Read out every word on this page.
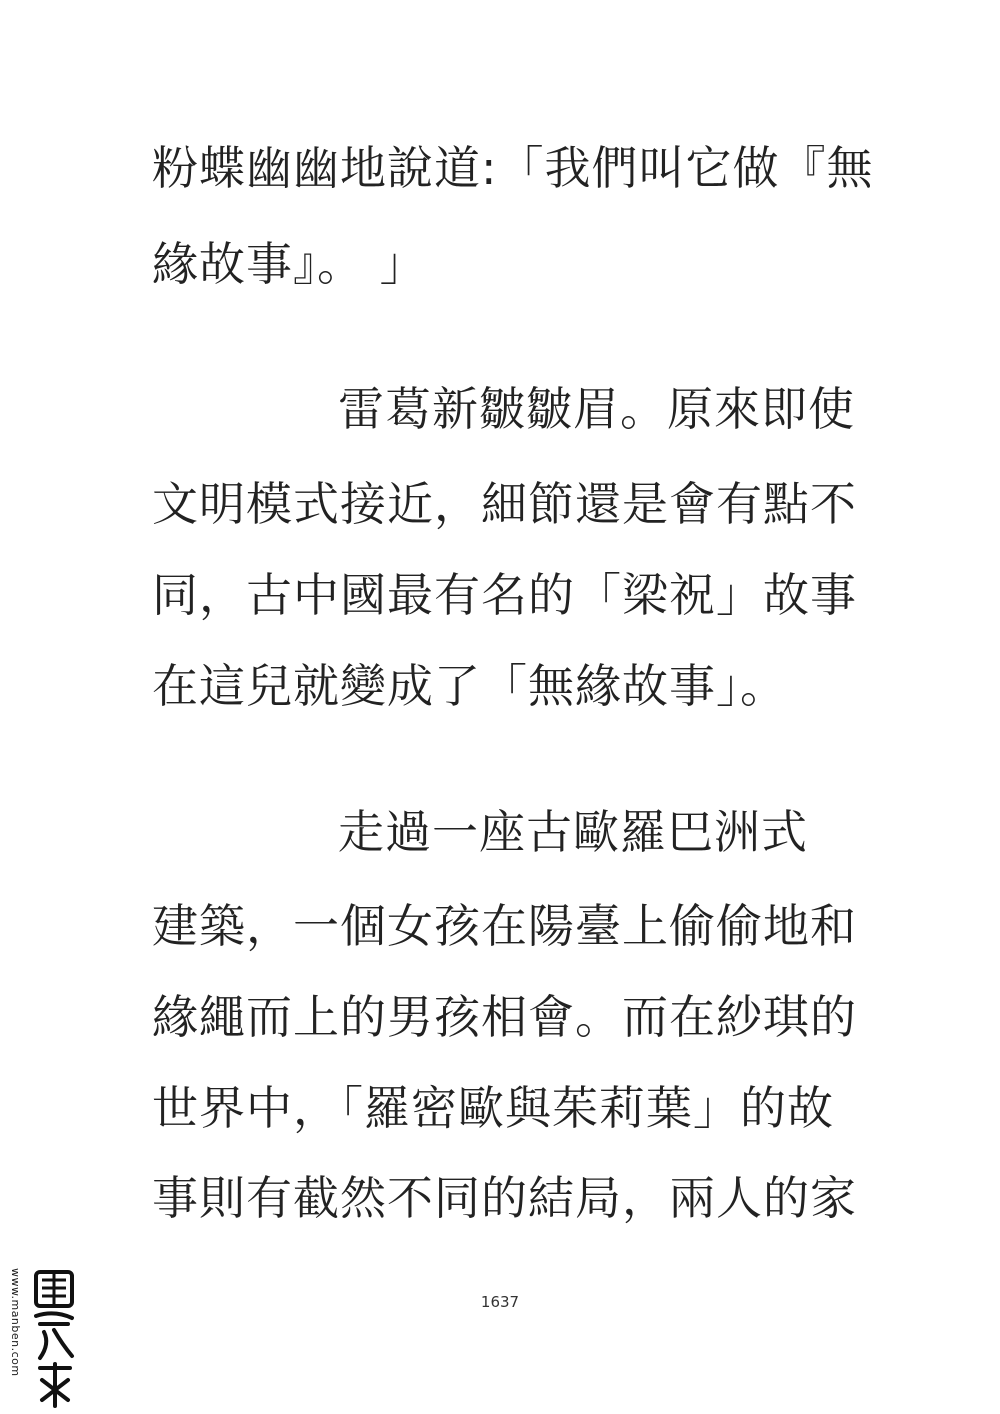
粉蝶幽幽地說道:「我們叫它做『無
緣故事』。 」
雷葛新皺皺眉。原來即使
文明模式接近，細節還是會有點不
同，古中國最有名的「梁祝」故事
在這兒就變成了「無緣故事」。
走過一座古歐羅巴洲式
建築，一個女孩在陽臺上偷偷地和
緣繩而上的男孩相會。而在紗琪的
世界中，「羅密歐與茱莉葉」的故
事則有截然不同的結局，兩人的家
1637
www.manben.com
